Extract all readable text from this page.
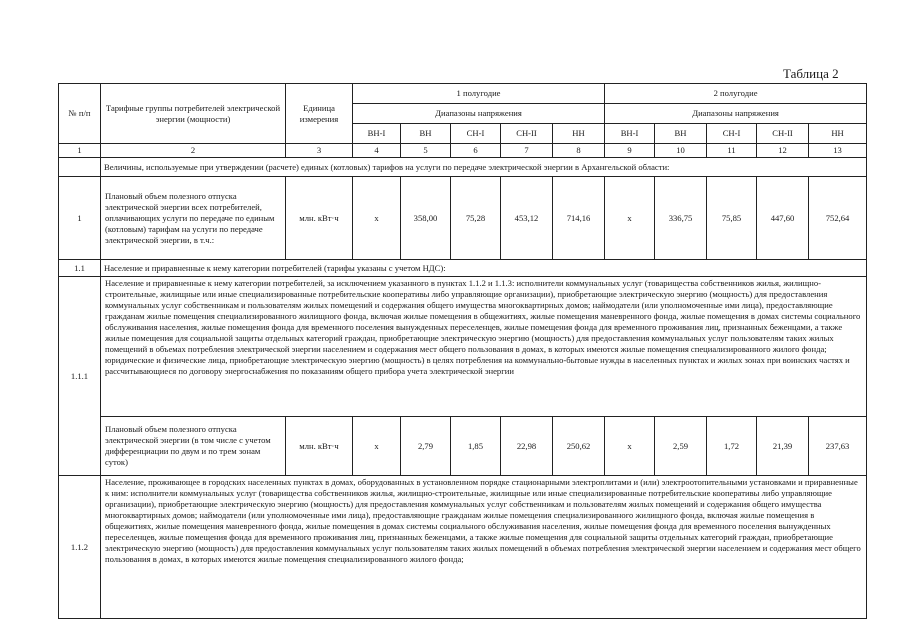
Таблица 2
№ п/п	Тарифные группы потребителей электрической энергии (мощности)	Единица измерения	1 полугодие					2 полугодие				
			Диапазоны напряжения					Диапазоны напряжения				
			ВН-I	ВН	СН-I	СН-II	НН	ВН-I	ВН	СН-I	СН-II	НН
1	2	3	4	5	6	7	8	9	10	11	12	13
	Величины, используемые при утверждении (расчете) единых (котловых) тарифов на услуги по передаче электрической энергии в Архангельской области:											
1	Плановый объем полезного отпуска электрической энергии всех потребителей, оплачивающих услуги по передаче по единым (котловым) тарифам на услуги по передаче электрической энергии, в т.ч.:	млн. кВт·ч	x	358,00	75,28	453,12	714,16	x	336,75	75,85	447,60	752,64
1.1	Население и приравненные к нему категории потребителей (тарифы указаны с учетом НДС):											
1.1.1	Население и приравненные к нему категории потребителей, за исключением указанного в пунктах 1.1.2 и 1.1.3: исполнители коммунальных услуг (товарищества собственников жилья, жилищно-строительные, жилищные или иные специализированные потребительские кооперативы либо управляющие организации), приобретающие электрическую энергию (мощность) для предоставления коммунальных услуг собственникам и пользователям жилых помещений и содержания общего имущества многоквартирных домов; наймодатели (или уполномоченные ими лица), предоставляющие гражданам жилые помещения специализированного жилищного фонда, включая жилые помещения в общежитиях, жилые помещения маневренного фонда, жилые помещения в домах системы социального обслуживания населения, жилые помещения фонда для временного поселения вынужденных переселенцев, жилые помещения фонда для временного проживания лиц, признанных беженцами, а также жилые помещения для социальной защиты отдельных категорий граждан, приобретающие электрическую энергию (мощность) для предоставления коммунальных услуг пользователям таких жилых помещений в объемах потребления электрической энергии населением и содержания мест общего пользования в домах, в которых имеются жилые помещения специализированного жилого фонда; юридические и физические лица, приобретающие электрическую энергию (мощность) в целях потребления на коммунально-бытовые нужды в населенных пунктах и жилых зонах при воинских частях и рассчитывающиеся по договору энергоснабжения по показаниям общего прибора учета электрической энергии											
	Плановый объем полезного отпуска электрической энергии (в том числе с учетом дифференциации по двум и по трем зонам суток)	млн. кВт·ч	x	2,79	1,85	22,98	250,62	x	2,59	1,72	21,39	237,63
1.1.2	Население, проживающее в городских населенных пунктах в домах, оборудованных в установленном порядке стационарными электроплитами и (или) электроотопительными установками и приравненные к ним: исполнители коммунальных услуг (товарищества собственников жилья, жилищно-строительные, жилищные или иные специализированные потребительские кооперативы либо управляющие организации), приобретающие электрическую энергию (мощность) для предоставления коммунальных услуг собственникам и пользователям жилых помещений и содержания общего имущества многоквартирных домов; наймодатели (или уполномоченные ими лица), предоставляющие гражданам жилые помещения специализированного жилищного фонда, включая жилые помещения в общежитиях, жилые помещения маневренного фонда, жилые помещения в домах системы социального обслуживания населения, жилые помещения фонда для временного поселения вынужденных переселенцев, жилые помещения фонда для временного проживания лиц, признанных беженцами, а также жилые помещения для социальной защиты отдельных категорий граждан, приобретающие электрическую энергию (мощность) для предоставления коммунальных услуг пользователям таких жилых помещений в объемах потребления электрической энергии населением и содержания мест общего пользования в домах, в которых имеются жилые помещения специализированного жилого фонда;											
